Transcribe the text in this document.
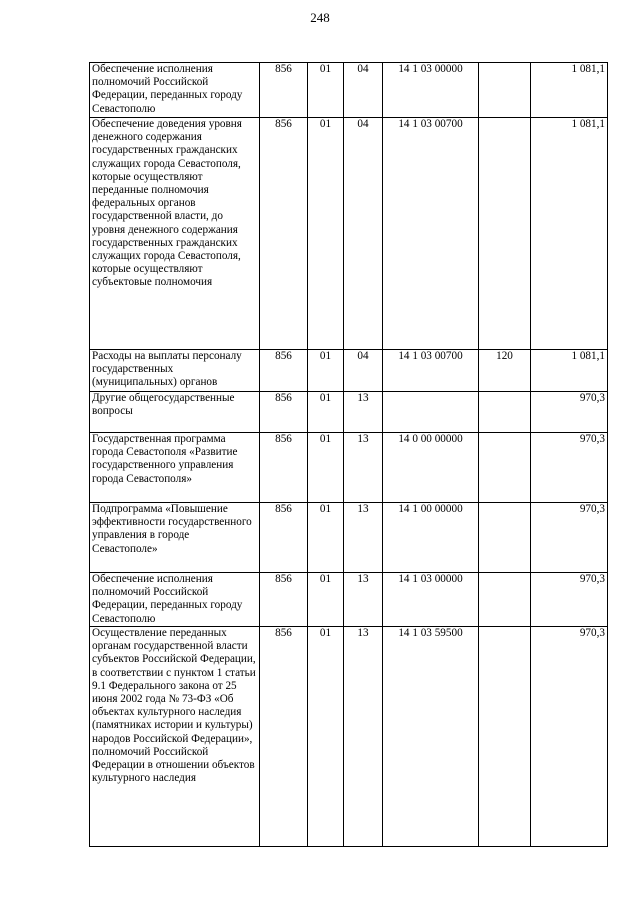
248
Обеспечение исполнения полномочий Российской Федерации, переданных городу Севастополю	856	01	04	14 1 03 00000		1 081,1
Обеспечение доведения уровня денежного содержания государственных гражданских служащих города Севастополя, которые осуществляют переданные полномочия федеральных органов государственной власти, до уровня денежного содержания государственных гражданских служащих города Севастополя, которые осуществляют субъектовые полномочия	856	01	04	14 1 03 00700		1 081,1
Расходы на выплаты персоналу государственных (муниципальных) органов	856	01	04	14 1 03 00700	120	1 081,1
Другие общегосударственные вопросы	856	01	13			970,3
Государственная программа города Севастополя «Развитие государственного управления города Севастополя»	856	01	13	14 0 00 00000		970,3
Подпрограмма «Повышение эффективности государственного управления в городе Севастополе»	856	01	13	14 1 00 00000		970,3
Обеспечение исполнения полномочий Российской Федерации, переданных городу Севастополю	856	01	13	14 1 03 00000		970,3
Осуществление переданных органам государственной власти субъектов Российской Федерации, в соответствии с пунктом 1 статьи 9.1 Федерального закона от 25 июня 2002 года № 73-ФЗ «Об объектах культурного наследия (памятниках истории и культуры) народов Российской Федерации», полномочий Российской Федерации в отношении объектов культурного наследия	856	01	13	14 1 03 59500		970,3
